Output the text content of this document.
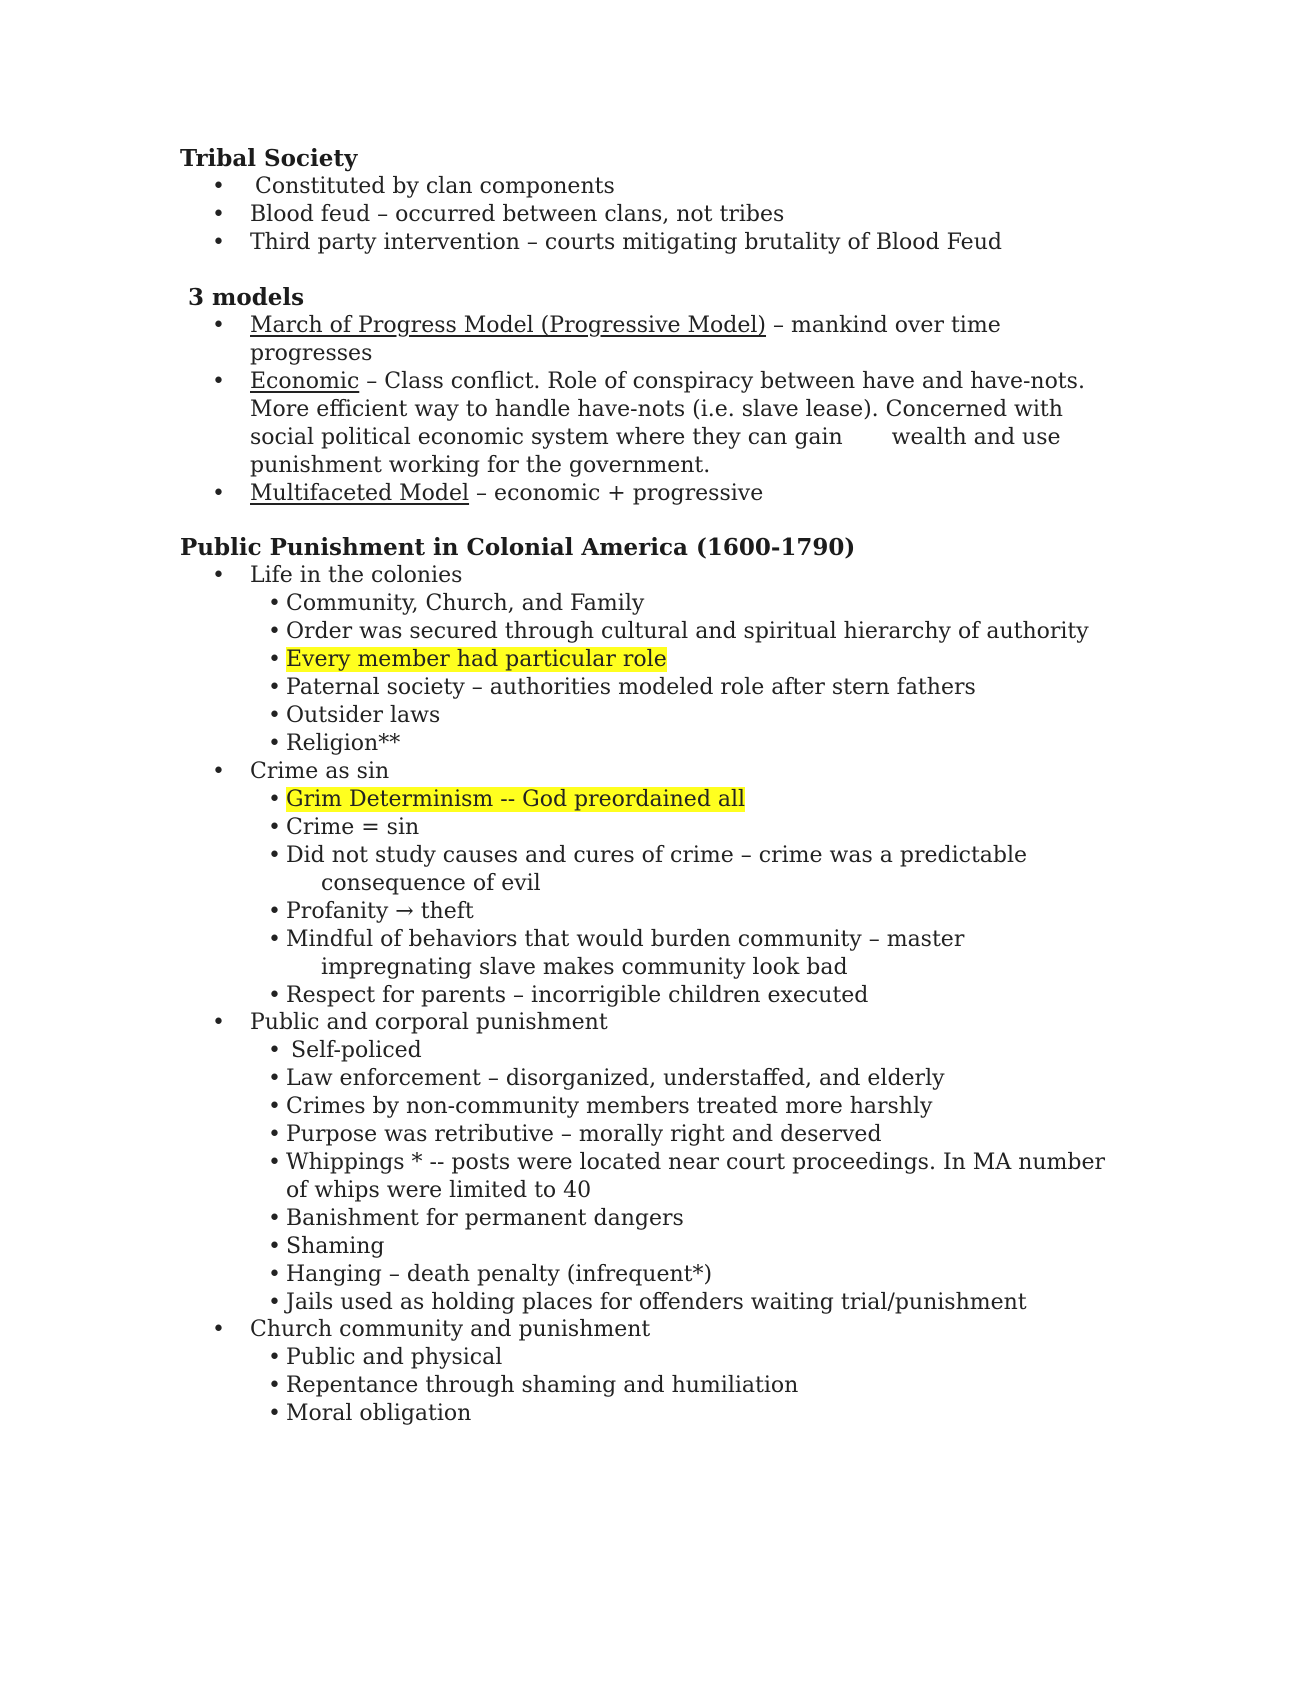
Tribal Society
• Constituted by clan components
• Blood feud – occurred between clans, not tribes
• Third party intervention – courts mitigating brutality of Blood Feud
3 models
• March of Progress Model (Progressive Model) – mankind over time
progresses
• Economic – Class conflict. Role of conspiracy between have and have-nots.
More efficient way to handle have-nots (i.e. slave lease). Concerned with
social political economic system where they can gain       wealth and use
punishment working for the government.
• Multifaceted Model – economic + progressive
Public Punishment in Colonial America (1600-1790)
• Life in the colonies
• Community, Church, and Family
• Order was secured through cultural and spiritual hierarchy of authority
• Every member had particular role
• Paternal society – authorities modeled role after stern fathers
• Outsider laws
• Religion**
• Crime as sin
• Grim Determinism -- God preordained all
• Crime = sin
• Did not study causes and cures of crime – crime was a predictable
consequence of evil
• Profanity → theft
• Mindful of behaviors that would burden community – master
impregnating slave makes community look bad
• Respect for parents – incorrigible children executed
• Public and corporal punishment
• Self-policed
• Law enforcement – disorganized, understaffed, and elderly
• Crimes by non-community members treated more harshly
• Purpose was retributive – morally right and deserved
• Whippings * -- posts were located near court proceedings. In MA number
of whips were limited to 40
• Banishment for permanent dangers
• Shaming
• Hanging – death penalty (infrequent*)
• Jails used as holding places for offenders waiting trial/punishment
• Church community and punishment
• Public and physical
• Repentance through shaming and humiliation
• Moral obligation
